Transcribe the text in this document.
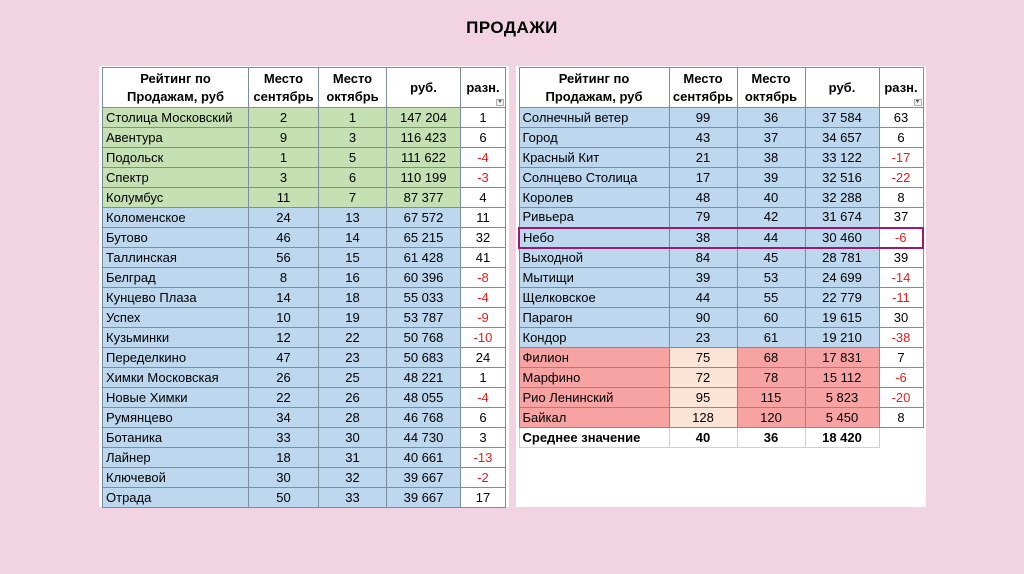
ПРОДАЖИ
Рейтинг по Продажам, руб	Место сентябрь	Место октябрь	руб.	разн.
▾

Столица Московский	2	1	147 204	1
Авентура	9	3	116 423	6
Подольск	1	5	111 622	-4
Спектр	3	6	110 199	-3
Колумбус	11	7	87 377	4
Коломенское	24	13	67 572	11
Бутово	46	14	65 215	32
Таллинская	56	15	61 428	41
Белград	8	16	60 396	-8
Кунцево Плаза	14	18	55 033	-4
Успех	10	19	53 787	-9
Кузьминки	12	22	50 768	-10
Переделкино	47	23	50 683	24
Химки Московская	26	25	48 221	1
Новые Химки	22	26	48 055	-4
Румянцево	34	28	46 768	6
Ботаника	33	30	44 730	3
Лайнер	18	31	40 661	-13
Ключевой	30	32	39 667	-2
Отрада	50	33	39 667	17
Рейтинг по Продажам, руб	Место сентябрь	Место октябрь	руб.	разн.
▾

Солнечный ветер	99	36	37 584	63
Город	43	37	34 657	6
Красный Кит	21	38	33 122	-17
Солнцево Столица	17	39	32 516	-22
Королев	48	40	32 288	8
Ривьера	79	42	31 674	37
Небо	38	44	30 460	-6
Выходной	84	45	28 781	39
Мытищи	39	53	24 699	-14
Щелковское	44	55	22 779	-11
Парагон	90	60	19 615	30
Кондор	23	61	19 210	-38
Филион	75	68	17 831	7
Марфино	72	78	15 112	-6
Рио Ленинский	95	115	5 823	-20
Байкал	128	120	5 450	8
Среднее значение	40	36	18 420	
